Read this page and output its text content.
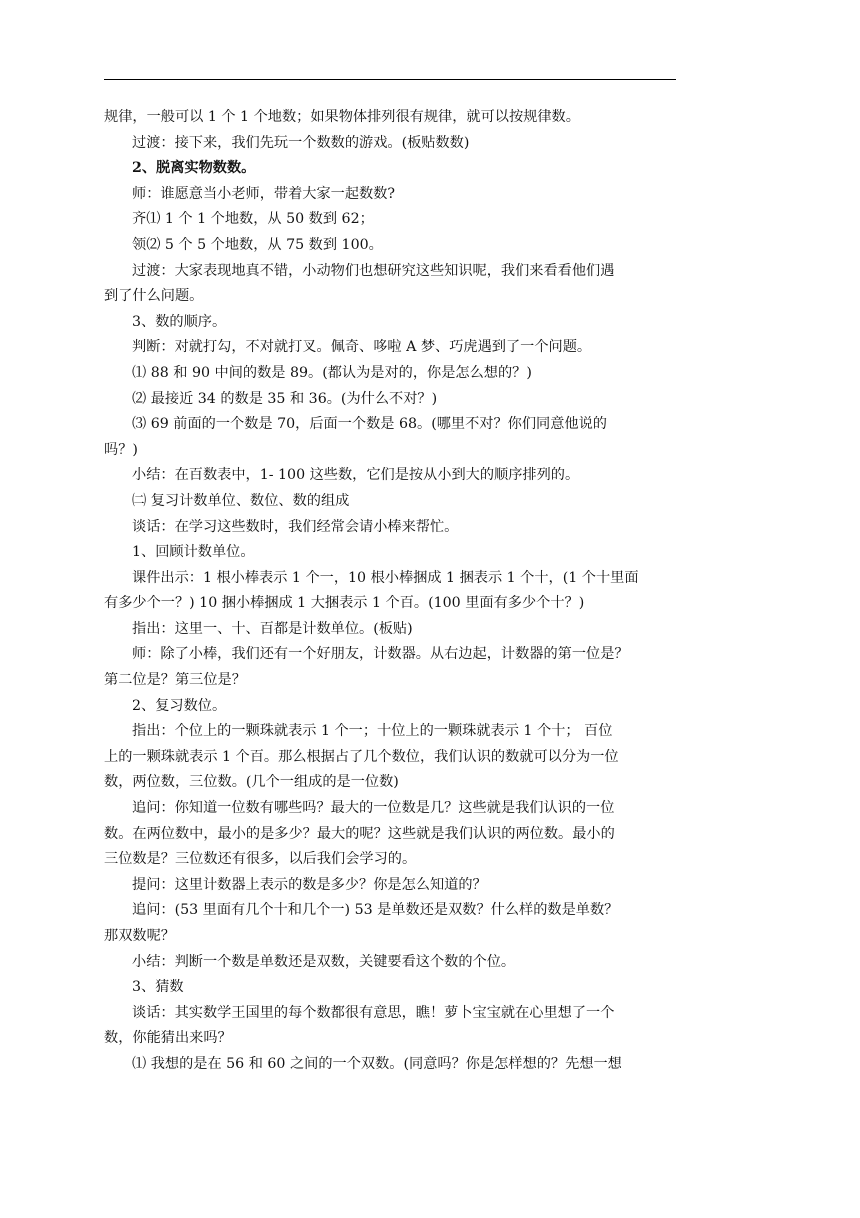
规律，一般可以 1 个 1 个地数；如果物体排列很有规律，就可以按规律数。
过渡：接下来，我们先玩一个数数的游戏。(板贴数数)
2、脱离实物数数。
师：谁愿意当小老师，带着大家一起数数?
齐⑴ 1 个 1 个地数，从 50 数到 62；
领⑵ 5 个 5 个地数，从 75 数到 100。
过渡：大家表现地真不错，小动物们也想研究这些知识呢，我们来看看他们遇
到了什么问题。
3、数的顺序。
判断：对就打勾，不对就打叉。佩奇、哆啦 A 梦、巧虎遇到了一个问题。
⑴ 88 和 90 中间的数是 89。(都认为是对的，你是怎么想的？)
⑵ 最接近 34 的数是 35 和 36。(为什么不对？)
⑶ 69 前面的一个数是 70，后面一个数是 68。(哪里不对？你们同意他说的
吗？)
小结：在百数表中，1- 100 这些数，它们是按从小到大的顺序排列的。
㈡ 复习计数单位、数位、数的组成
谈话：在学习这些数时，我们经常会请小棒来帮忙。
1、回顾计数单位。
课件出示：1 根小棒表示 1 个一，10 根小棒捆成 1 捆表示 1 个十，(1 个十里面
有多少个一？) 10 捆小棒捆成 1 大捆表示 1 个百。(100 里面有多少个十？)
指出：这里一、十、百都是计数单位。(板贴)
师：除了小棒，我们还有一个好朋友，计数器。从右边起，计数器的第一位是？
第二位是？第三位是？
2、复习数位。
指出：个位上的一颗珠就表示 1 个一；十位上的一颗珠就表示 1 个十； 百位
上的一颗珠就表示 1 个百。那么根据占了几个数位，我们认识的数就可以分为一位
数，两位数，三位数。(几个一组成的是一位数)
追问：你知道一位数有哪些吗？最大的一位数是几？这些就是我们认识的一位
数。在两位数中，最小的是多少？最大的呢？这些就是我们认识的两位数。最小的
三位数是？三位数还有很多，以后我们会学习的。
提问：这里计数器上表示的数是多少？你是怎么知道的？
追问：(53 里面有几个十和几个一) 53 是单数还是双数？什么样的数是单数？
那双数呢？
小结：判断一个数是单数还是双数，关键要看这个数的个位。
3、猜数
谈话：其实数学王国里的每个数都很有意思，瞧！萝卜宝宝就在心里想了一个
数，你能猜出来吗？
⑴ 我想的是在 56 和 60 之间的一个双数。(同意吗？你是怎样想的？先想一想
